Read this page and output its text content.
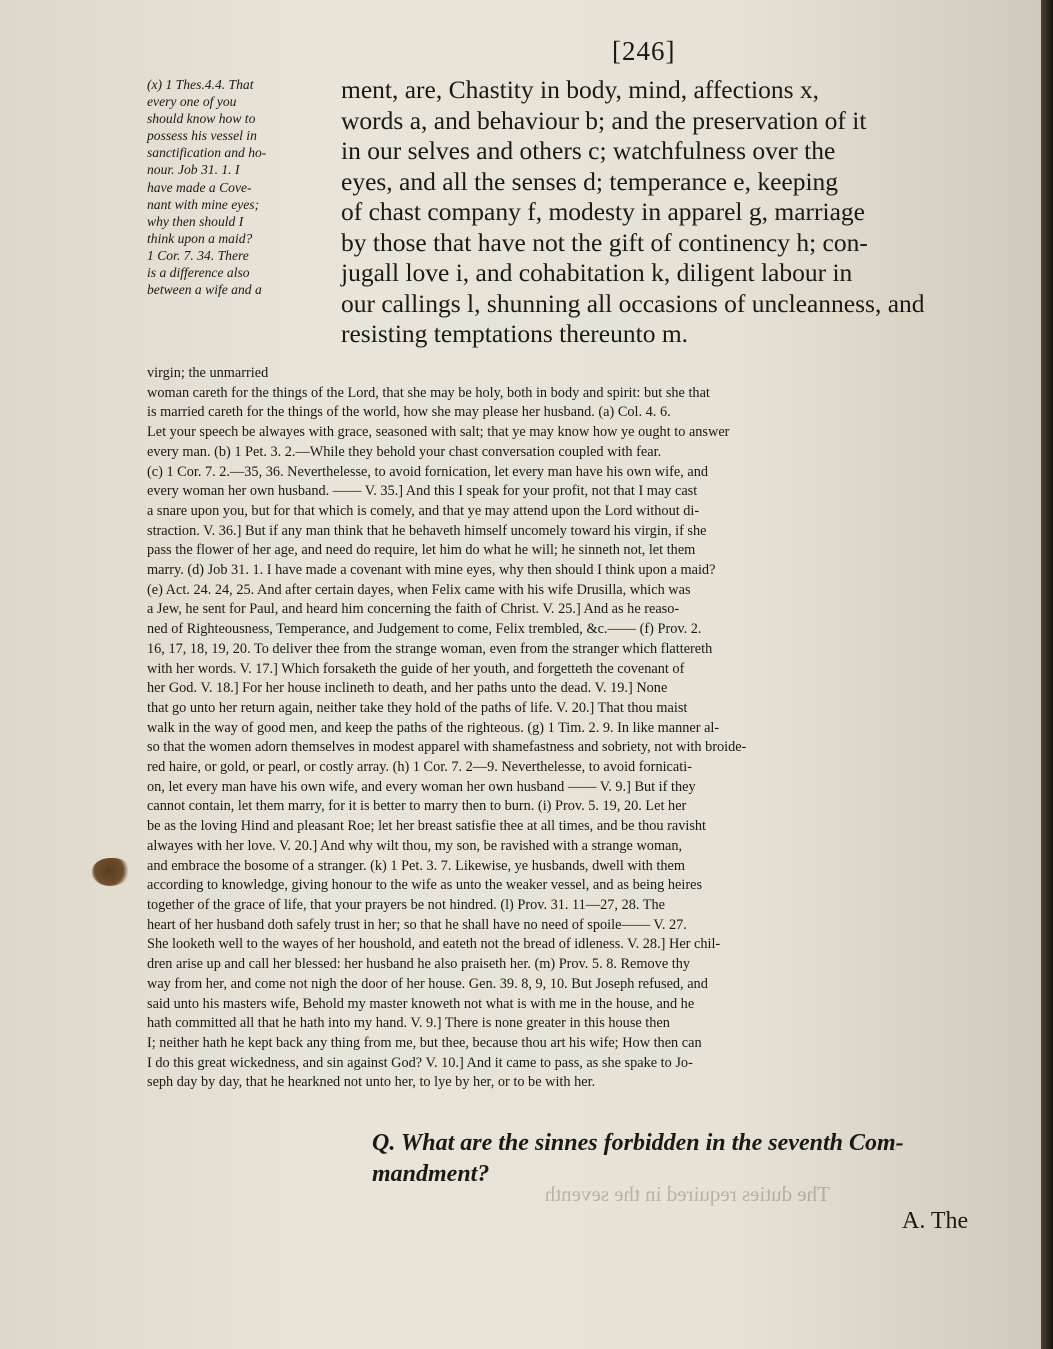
[246]
(x) 1 Thes.4.4. That
every one of you
should know how to
possess his vessel in
sanctification and ho-
nour. Job 31. 1. I
have made a Cove-
nant with mine eyes;
why then should I
think upon a maid?
1 Cor. 7. 34. There
is a difference also
between a wife and a
ment, are, Chastity in body, mind, affections x,
words a, and behaviour b; and the preservation of it
in our selves and others c; watchfulness over the
eyes, and all the senses d; temperance e, keeping
of chast company f, modesty in apparel g, marriage
by those that have not the gift of continency h; con-
jugall love i, and cohabitation k, diligent labour in
our callings l, shunning all occasions of uncleanness, and
resisting temptations thereunto m.
virgin; the unmarried
woman careth for the things of the Lord, that she may be holy, both in body and spirit: but she that
is married careth for the things of the world, how she may please her husband. (a) Col. 4. 6.
Let your speech be alwayes with grace, seasoned with salt; that ye may know how ye ought to answer
every man. (b) 1 Pet. 3. 2.—While they behold your chast conversation coupled with fear.
(c) 1 Cor. 7. 2.—35, 36. Neverthelesse, to avoid fornication, let every man have his own wife, and
every woman her own husband. —— V. 35.] And this I speak for your profit, not that I may cast
a snare upon you, but for that which is comely, and that ye may attend upon the Lord without di-
straction. V. 36.] But if any man think that he behaveth himself uncomely toward his virgin, if she
pass the flower of her age, and need do require, let him do what he will; he sinneth not, let them
marry. (d) Job 31. 1. I have made a covenant with mine eyes, why then should I think upon a maid?
(e) Act. 24. 24, 25. And after certain dayes, when Felix came with his wife Drusilla, which was
a Jew, he sent for Paul, and heard him concerning the faith of Christ. V. 25.] And as he reaso-
ned of Righteousness, Temperance, and Judgement to come, Felix trembled, &c.—— (f) Prov. 2.
16, 17, 18, 19, 20. To deliver thee from the strange woman, even from the stranger which flattereth
with her words. V. 17.] Which forsaketh the guide of her youth, and forgetteth the covenant of
her God. V. 18.] For her house inclineth to death, and her paths unto the dead. V. 19.] None
that go unto her return again, neither take they hold of the paths of life. V. 20.] That thou maist
walk in the way of good men, and keep the paths of the righteous. (g) 1 Tim. 2. 9. In like manner al-
so that the women adorn themselves in modest apparel with shamefastness and sobriety, not with broide-
red haire, or gold, or pearl, or costly array. (h) 1 Cor. 7. 2—9. Neverthelesse, to avoid fornicati-
on, let every man have his own wife, and every woman her own husband —— V. 9.] But if they
cannot contain, let them marry, for it is better to marry then to burn. (i) Prov. 5. 19, 20. Let her
be as the loving Hind and pleasant Roe; let her breast satisfie thee at all times, and be thou ravisht
alwayes with her love. V. 20.] And why wilt thou, my son, be ravished with a strange woman,
and embrace the bosome of a stranger. (k) 1 Pet. 3. 7. Likewise, ye husbands, dwell with them
according to knowledge, giving honour to the wife as unto the weaker vessel, and as being heires
together of the grace of life, that your prayers be not hindred. (l) Prov. 31. 11—27, 28. The
heart of her husband doth safely trust in her; so that he shall have no need of spoile—— V. 27.
She looketh well to the wayes of her houshold, and eateth not the bread of idleness. V. 28.] Her chil-
dren arise up and call her blessed: her husband he also praiseth her. (m) Prov. 5. 8. Remove thy
way from her, and come not nigh the door of her house. Gen. 39. 8, 9, 10. But Joseph refused, and
said unto his masters wife, Behold my master knoweth not what is with me in the house, and he
hath committed all that he hath into my hand. V. 9.] There is none greater in this house then
I; neither hath he kept back any thing from me, but thee, because thou art his wife; How then can
I do this great wickedness, and sin against God? V. 10.] And it came to pass, as she spake to Jo-
seph day by day, that he hearkned not unto her, to lye by her, or to be with her.
The duties required in the seventh
Q. What are the sinnes forbidden in the seventh Com-
mandment?
A. The
